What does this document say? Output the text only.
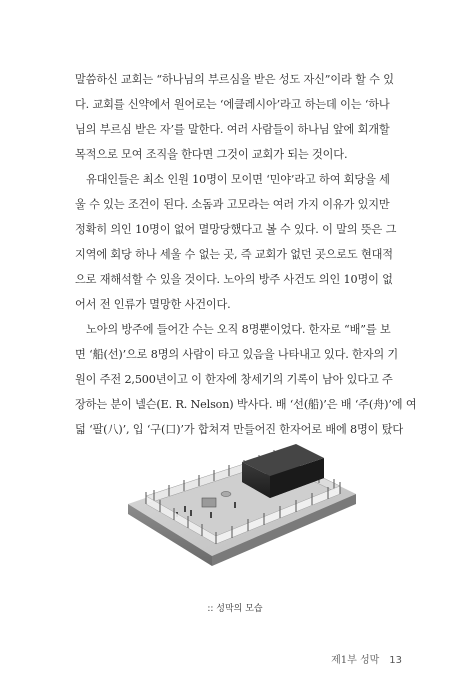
말씀하신 교회는 “하나님의 부르심을 받은 성도 자신”이라 할 수 있
다. 교회를 신약에서 원어로는 ‘에클레시아’라고 하는데 이는 ‘하나
님의 부르심 받은 자’를 말한다. 여러 사람들이 하나님 앞에 회개할
목적으로 모여 조직을 한다면 그것이 교회가 되는 것이다.
　유대인들은 최소 인원 10명이 모이면 ‘민야’라고 하여 회당을 세
울 수 있는 조건이 된다. 소돔과 고모라는 여러 가지 이유가 있지만
정확히 의인 10명이 없어 멸망당했다고 볼 수 있다. 이 말의 뜻은 그
지역에 회당 하나 세울 수 없는 곳, 즉 교회가 없던 곳으로도 현대적
으로 재해석할 수 있을 것이다. 노아의 방주 사건도 의인 10명이 없
어서 전 인류가 멸망한 사건이다.
　노아의 방주에 들어간 수는 오직 8명뿐이었다. 한자로 “배”를 보
면 ‘船(선)’으로 8명의 사람이 타고 있음을 나타내고 있다. 한자의 기
원이 주전 2,500년이고 이 한자에 창세기의 기록이 남아 있다고 주
장하는 분이 넬슨(E. R. Nelson) 박사다. 배 ‘선(船)’은 배 ‘주(舟)’에 여
덟 ‘팔(八)’, 입 ‘구(口)’가 합쳐져 만들어진 한자어로 배에 8명이 탔다
:: 성막의 모습
제1부 성막 13
